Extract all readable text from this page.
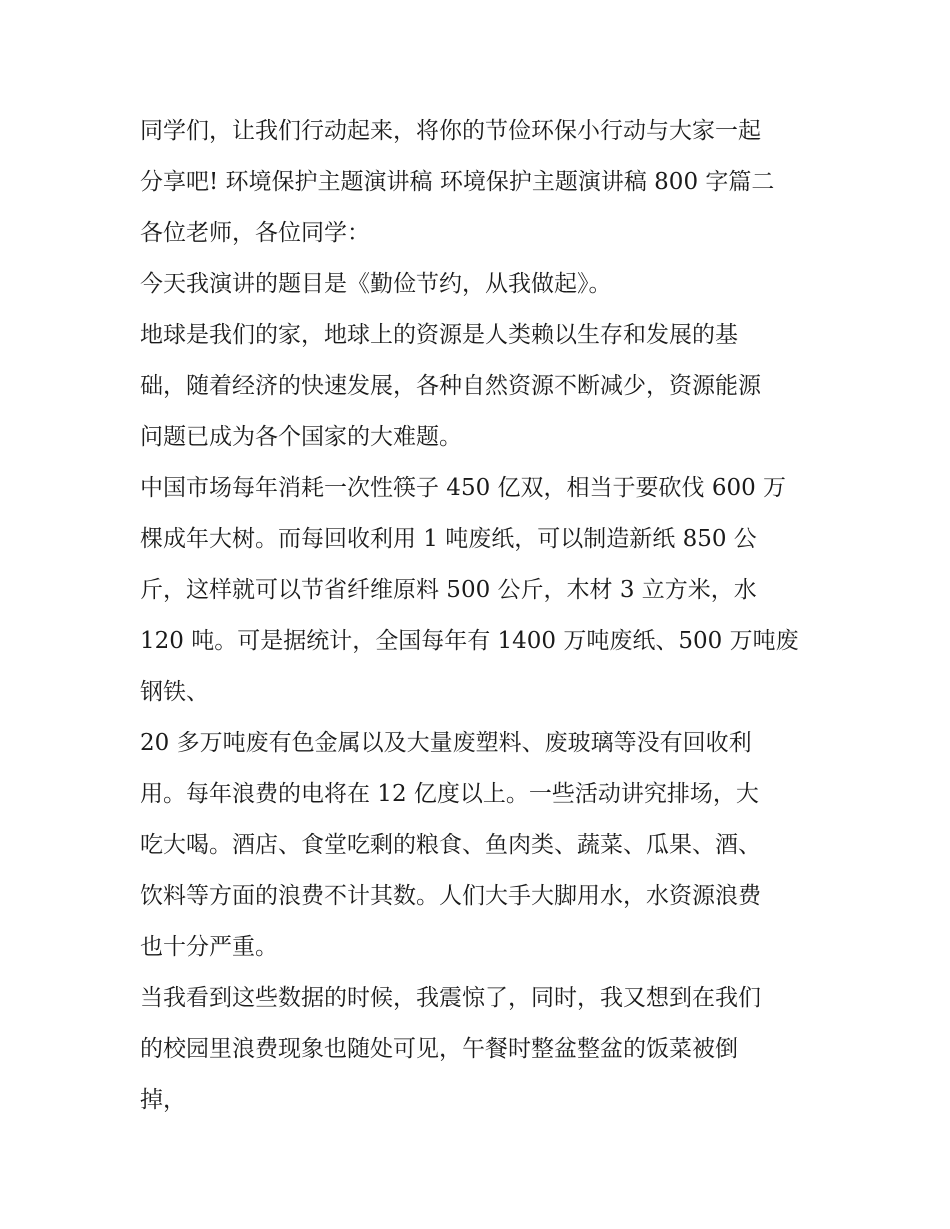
同学们，让我们行动起来，将你的节俭环保小行动与大家一起
分享吧! 环境保护主题演讲稿 环境保护主题演讲稿 800 字篇二
各位老师，各位同学：
今天我演讲的题目是《勤俭节约，从我做起》。
地球是我们的家，地球上的资源是人类赖以生存和发展的基
础，随着经济的快速发展，各种自然资源不断减少，资源能源
问题已成为各个国家的大难题。
中国市场每年消耗一次性筷子 450 亿双，相当于要砍伐 600 万
棵成年大树。而每回收利用 1 吨废纸，可以制造新纸 850 公
斤，这样就可以节省纤维原料 500 公斤，木材 3 立方米，水
120 吨。可是据统计，全国每年有 1400 万吨废纸、500 万吨废
钢铁、
20 多万吨废有色金属以及大量废塑料、废玻璃等没有回收利
用。每年浪费的电将在 12 亿度以上。一些活动讲究排场，大
吃大喝。酒店、食堂吃剩的粮食、鱼肉类、蔬菜、瓜果、酒、
饮料等方面的浪费不计其数。人们大手大脚用水，水资源浪费
也十分严重。
当我看到这些数据的时候，我震惊了，同时，我又想到在我们
的校园里浪费现象也随处可见，午餐时整盆整盆的饭菜被倒
掉，
